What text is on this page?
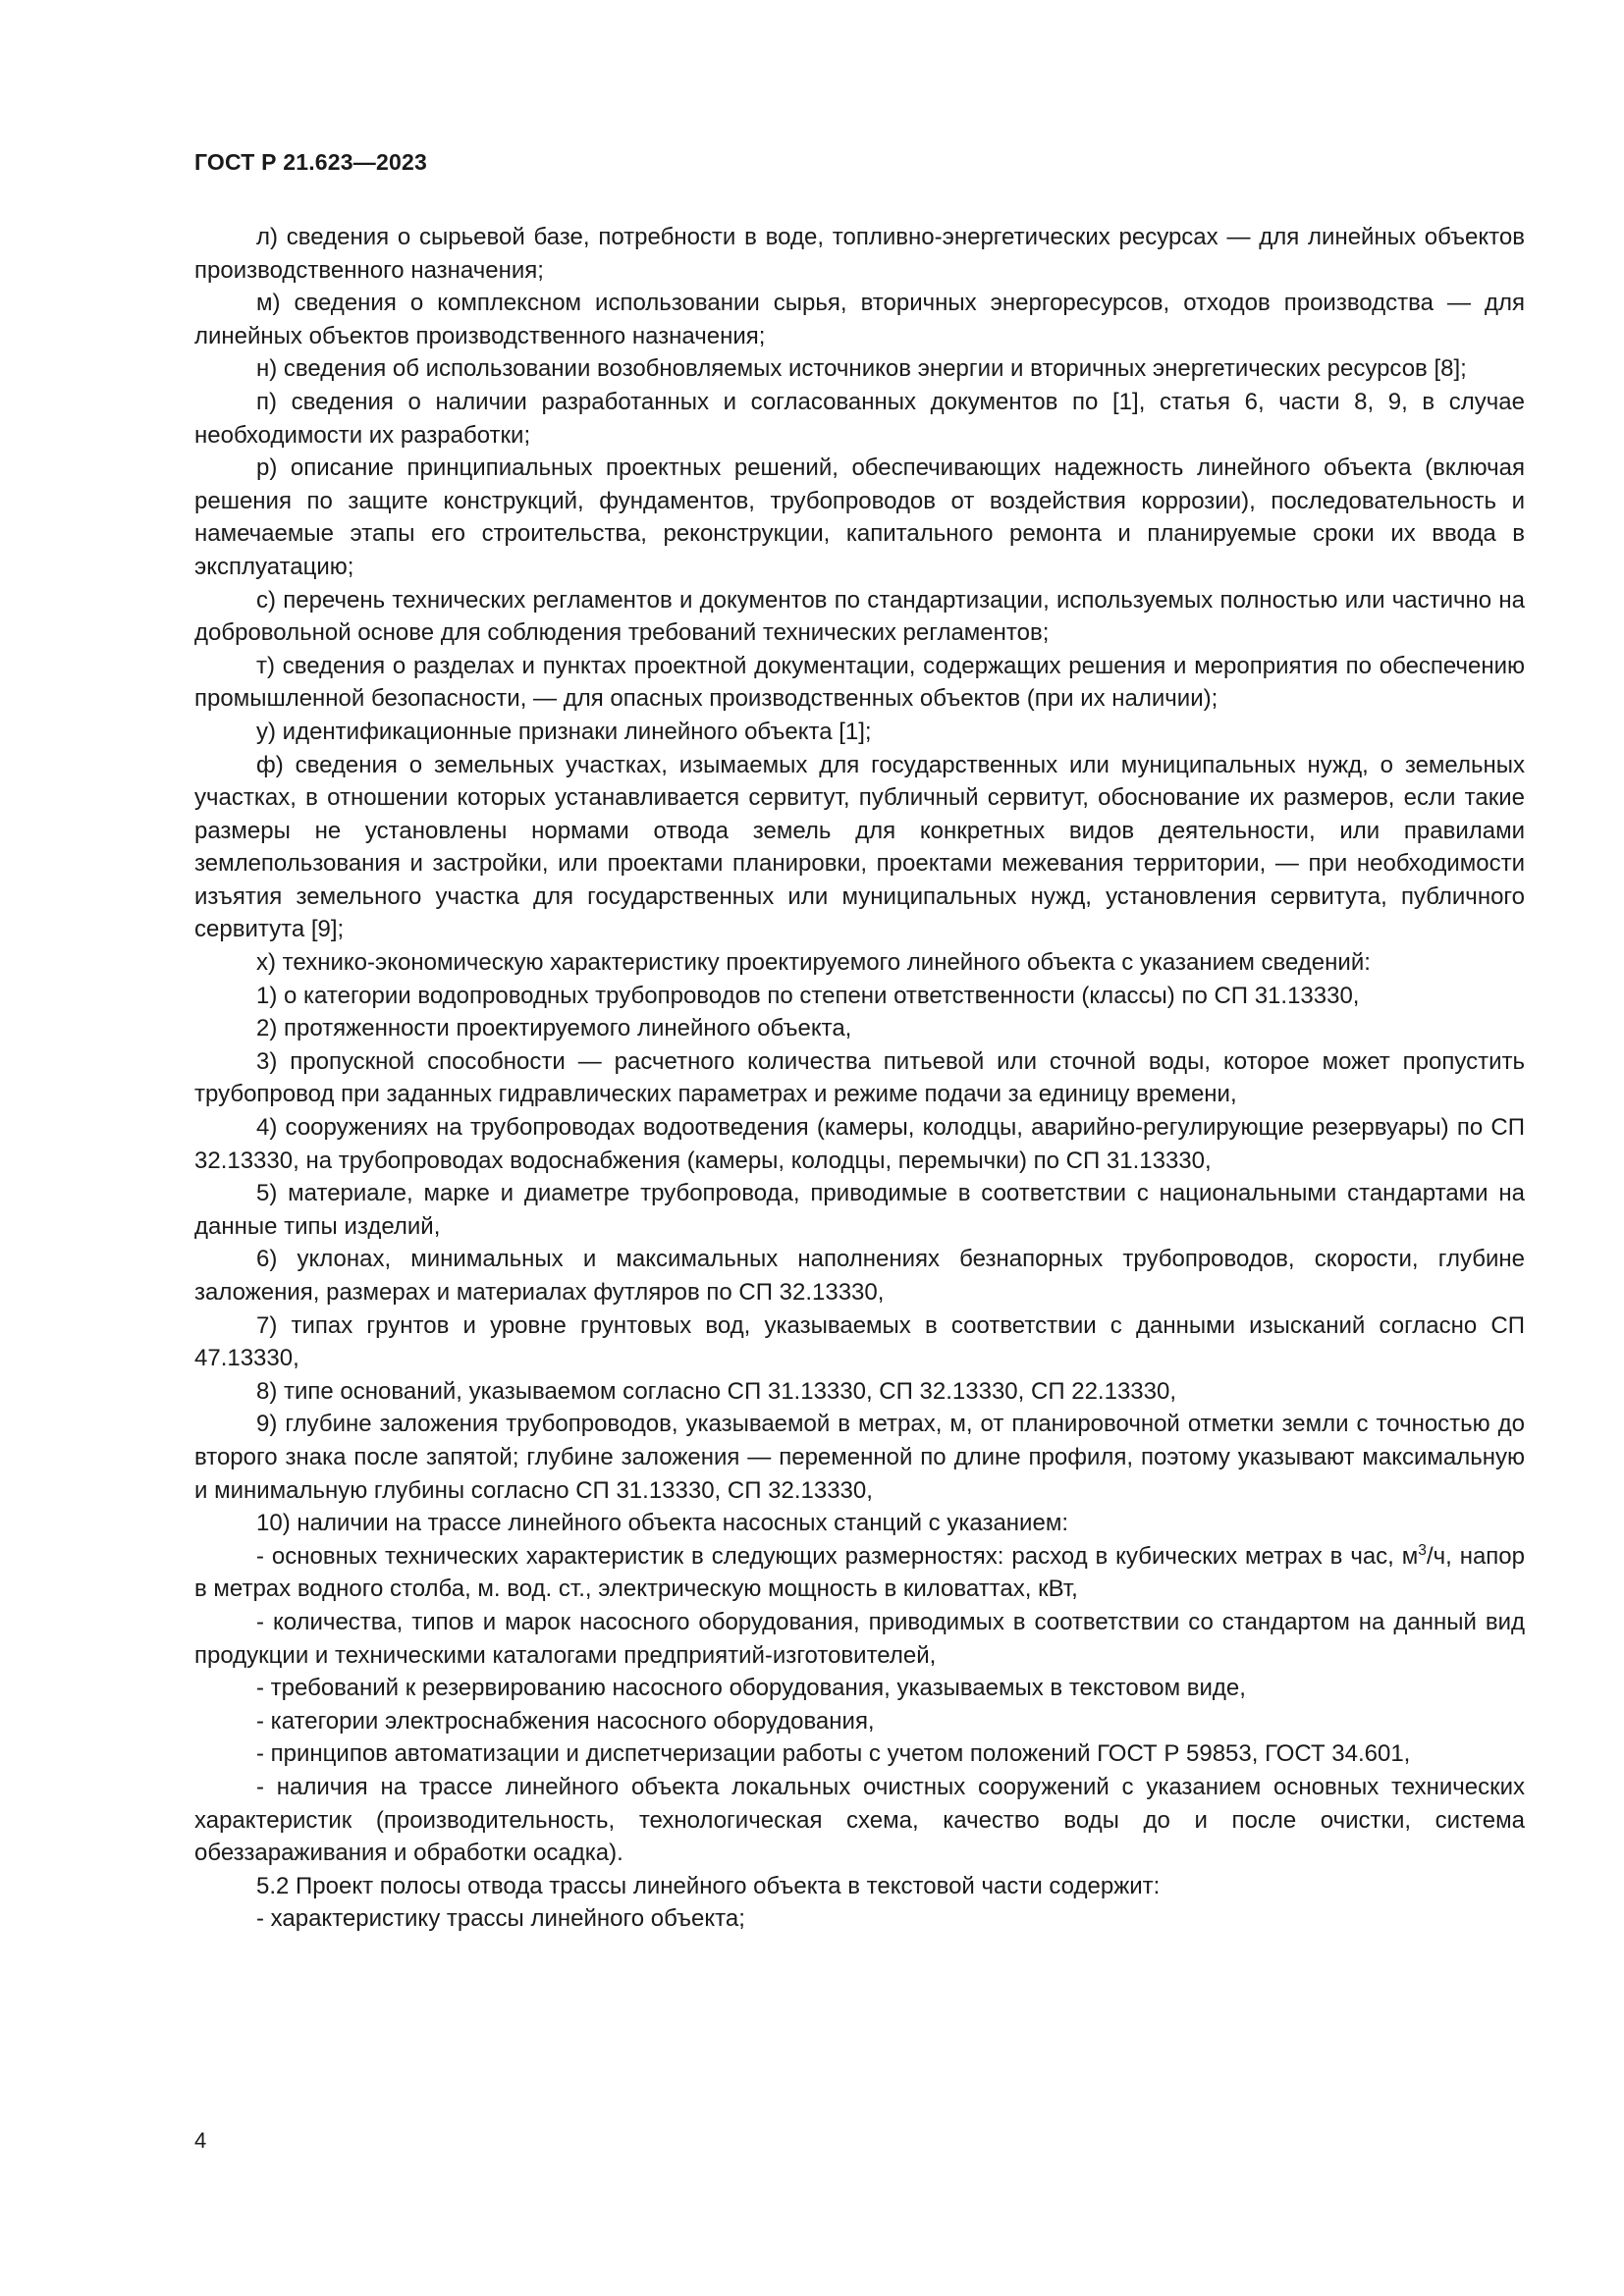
ГОСТ Р 21.623—2023

л) сведения о сырьевой базе, потребности в воде, топливно-энергетических ресурсах — для линейных объектов производственного назначения;

м) сведения о комплексном использовании сырья, вторичных энергоресурсов, отходов производства — для линейных объектов производственного назначения;

н) сведения об использовании возобновляемых источников энергии и вторичных энергетических ресурсов [8];

п) сведения о наличии разработанных и согласованных документов по [1], статья 6, части 8, 9, в случае необходимости их разработки;

р) описание принципиальных проектных решений, обеспечивающих надежность линейного объекта (включая решения по защите конструкций, фундаментов, трубопроводов от воздействия коррозии), последовательность и намечаемые этапы его строительства, реконструкции, капитального ремонта и планируемые сроки их ввода в эксплуатацию;

с) перечень технических регламентов и документов по стандартизации, используемых полностью или частично на добровольной основе для соблюдения требований технических регламентов;

т) сведения о разделах и пунктах проектной документации, содержащих решения и мероприятия по обеспечению промышленной безопасности, — для опасных производственных объектов (при их наличии);

у) идентификационные признаки линейного объекта [1];

ф) сведения о земельных участках, изымаемых для государственных или муниципальных нужд, о земельных участках, в отношении которых устанавливается сервитут, публичный сервитут, обоснование их размеров, если такие размеры не установлены нормами отвода земель для конкретных видов деятельности, или правилами землепользования и застройки, или проектами планировки, проектами межевания территории, — при необходимости изъятия земельного участка для государственных или муниципальных нужд, установления сервитута, публичного сервитута [9];

х) технико-экономическую характеристику проектируемого линейного объекта с указанием сведений:

1) о категории водопроводных трубопроводов по степени ответственности (классы) по СП 31.13330,

2) протяженности проектируемого линейного объекта,

3) пропускной способности — расчетного количества питьевой или сточной воды, которое может пропустить трубопровод при заданных гидравлических параметрах и режиме подачи за единицу времени,

4) сооружениях на трубопроводах водоотведения (камеры, колодцы, аварийно-регулирующие резервуары) по СП 32.13330, на трубопроводах водоснабжения (камеры, колодцы, перемычки) по СП 31.13330,

5) материале, марке и диаметре трубопровода, приводимые в соответствии с национальными стандартами на данные типы изделий,

6) уклонах, минимальных и максимальных наполнениях безнапорных трубопроводов, скорости, глубине заложения, размерах и материалах футляров по СП 32.13330,

7) типах грунтов и уровне грунтовых вод, указываемых в соответствии с данными изысканий согласно СП 47.13330,

8) типе оснований, указываемом согласно СП 31.13330, СП 32.13330, СП 22.13330,

9) глубине заложения трубопроводов, указываемой в метрах, м, от планировочной отметки земли с точностью до второго знака после запятой; глубине заложения — переменной по длине профиля, поэтому указывают максимальную и минимальную глубины согласно СП 31.13330, СП 32.13330,

10) наличии на трассе линейного объекта насосных станций с указанием:

- основных технических характеристик в следующих размерностях: расход в кубических метрах в час, $м^3/ч$, напор в метрах водного столба, м. вод. ст., электрическую мощность в киловаттах, кВт,

- количества, типов и марок насосного оборудования, приводимых в соответствии со стандартом на данный вид продукции и техническими каталогами предприятий-изготовителей,

- требований к резервированию насосного оборудования, указываемых в текстовом виде,

- категории электроснабжения насосного оборудования,

- принципов автоматизации и диспетчеризации работы с учетом положений ГОСТ Р 59853, ГОСТ 34.601,

- наличия на трассе линейного объекта локальных очистных сооружений с указанием основных технических характеристик (производительность, технологическая схема, качество воды до и после очистки, система обеззараживания и обработки осадка).

5.2 Проект полосы отвода трассы линейного объекта в текстовой части содержит:

- характеристику трассы линейного объекта;

4
